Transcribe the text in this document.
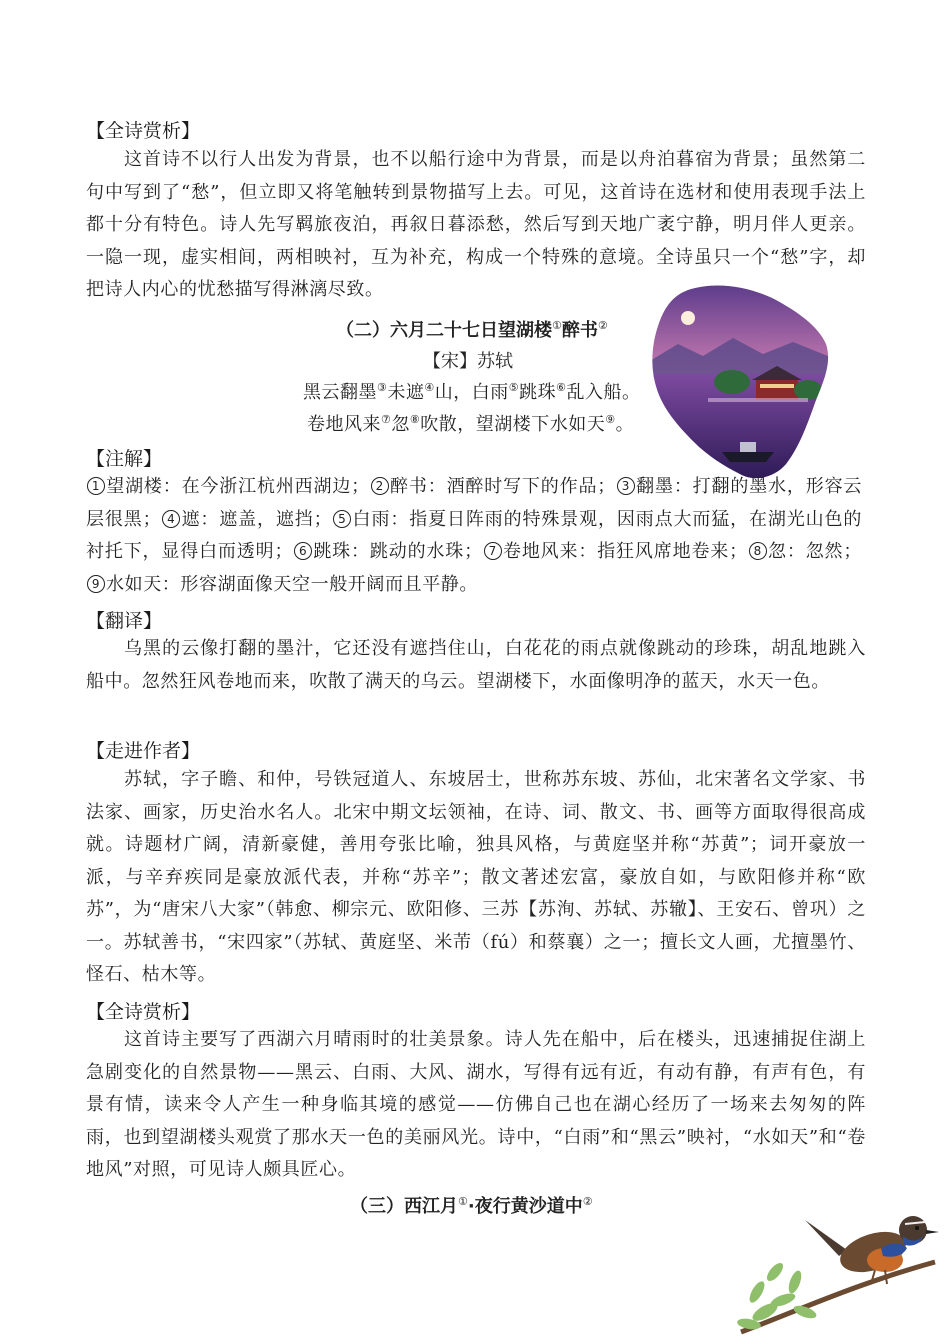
【全诗赏析】
这首诗不以行人出发为背景，也不以船行途中为背景，而是以舟泊暮宿为背景；虽然第二句中写到了“愁”，但立即又将笔触转到景物描写上去。可见，这首诗在选材和使用表现手法上都十分有特色。诗人先写羁旅夜泊，再叙日暮添愁，然后写到天地广袤宁静，明月伴人更亲。一隐一现，虚实相间，两相映衬，互为补充，构成一个特殊的意境。全诗虽只一个“愁”字，却把诗人内心的忧愁描写得淋漓尽致。
（二）六月二十七日望湖楼①醉书②
【宋】苏轼
黑云翻墨③未遮④山，白雨⑤跳珠⑥乱入船。
卷地风来⑦忽⑧吹散，望湖楼下水如天⑨。
【注解】
1 望湖楼：在今浙江杭州西湖边； 2 醉书：酒醉时写下的作品； 3 翻墨：打翻的墨水，形容云层很黑； 4 遮：遮盖，遮挡； 5 白雨：指夏日阵雨的特殊景观，因雨点大而猛，在湖光山色的衬托下，显得白而透明； 6 跳珠：跳动的水珠； 7 卷地风来：指狂风席地卷来； 8 忽：忽然；9 水如天：形容湖面像天空一般开阔而且平静。
【翻译】
乌黑的云像打翻的墨汁，它还没有遮挡住山，白花花的雨点就像跳动的珍珠，胡乱地跳入船中。忽然狂风卷地而来，吹散了满天的乌云。望湖楼下，水面像明净的蓝天，水天一色。
【走进作者】
苏轼，字子瞻、和仲，号铁冠道人、东坡居士，世称苏东坡、苏仙，北宋著名文学家、书法家、画家，历史治水名人。北宋中期文坛领袖，在诗、词、散文、书、画等方面取得很高成就。诗题材广阔，清新豪健，善用夸张比喻，独具风格，与黄庭坚并称“苏黄”；词开豪放一派，与辛弃疾同是豪放派代表，并称“苏辛”；散文著述宏富，豪放自如，与欧阳修并称“欧苏”，为“唐宋八大家”（韩愈、柳宗元、欧阳修、三苏【苏洵、苏轼、苏辙】、王安石、曾巩）之一。苏轼善书，“宋四家”（苏轼、黄庭坚、米芾（fú）和蔡襄）之一；擅长文人画，尤擅墨竹、怪石、枯木等。
【全诗赏析】
这首诗主要写了西湖六月晴雨时的壮美景象。诗人先在船中，后在楼头，迅速捕捉住湖上急剧变化的自然景物——黑云、白雨、大风、湖水，写得有远有近，有动有静，有声有色，有景有情，读来令人产生一种身临其境的感觉——仿佛自己也在湖心经历了一场来去匆匆的阵雨，也到望湖楼头观赏了那水天一色的美丽风光。诗中，“白雨”和“黑云”映衬，“水如天”和“卷地风”对照，可见诗人颇具匠心。
（三）西江月①·夜行黄沙道中②
